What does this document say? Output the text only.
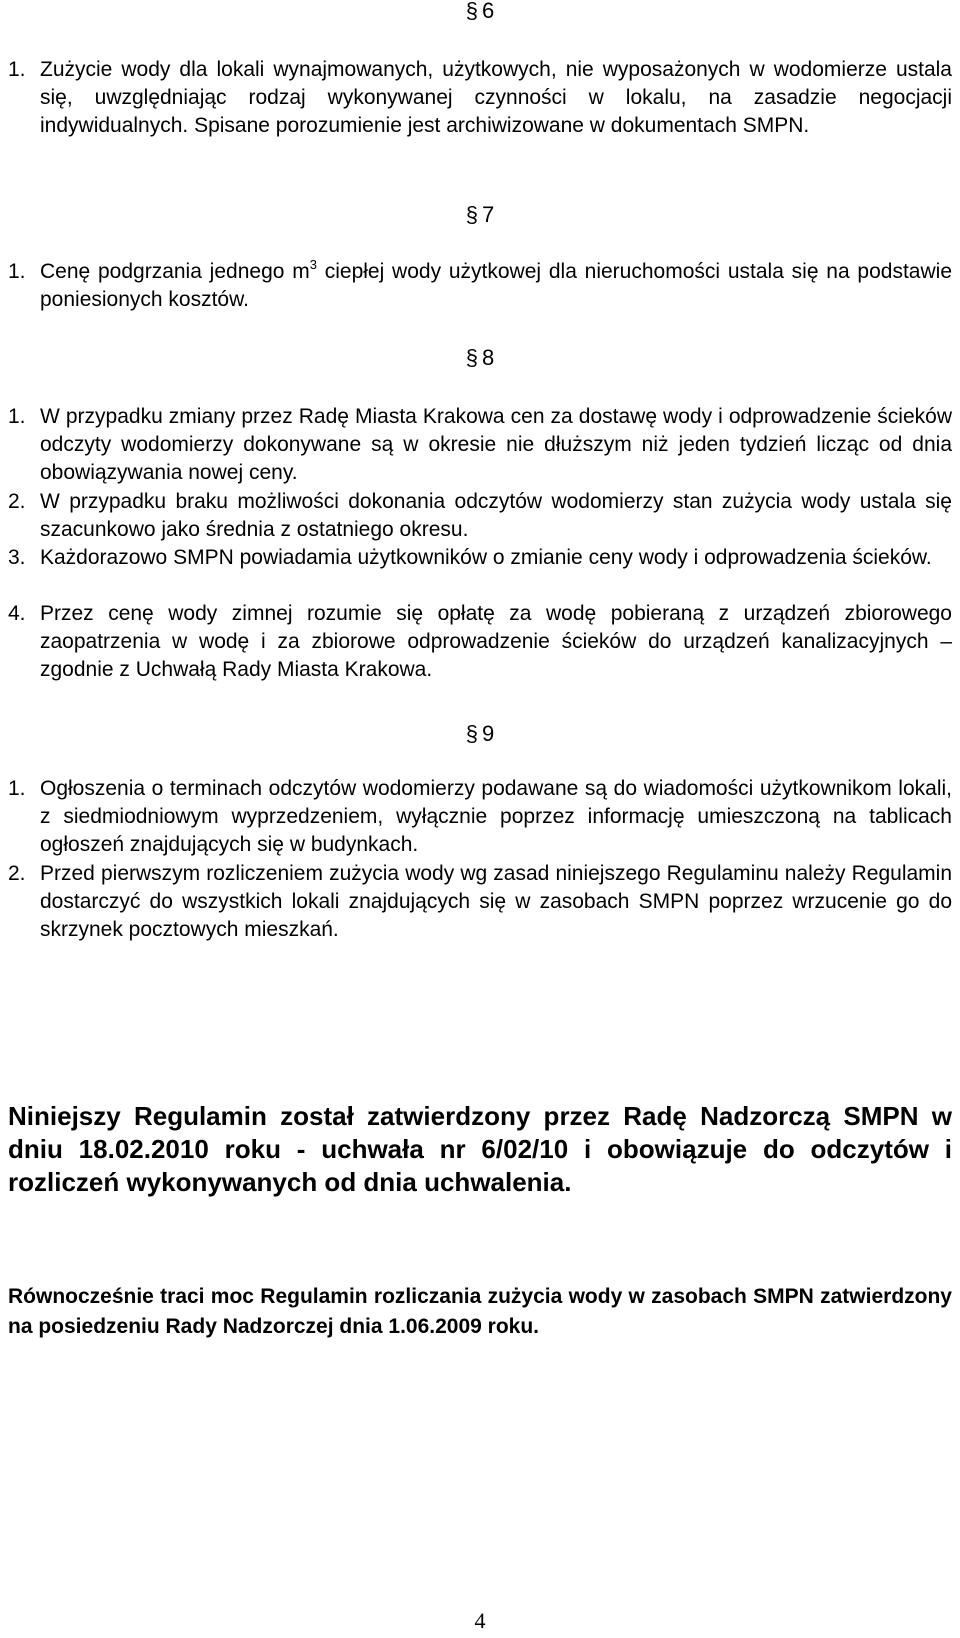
§ 6
1. Zużycie wody dla lokali wynajmowanych, użytkowych, nie wyposażonych w wodomierze ustala się, uwzględniając rodzaj wykonywanej czynności w lokalu, na zasadzie negocjacji indywidualnych. Spisane porozumienie jest archiwizowane w dokumentach SMPN.
§ 7
1. Cenę podgrzania jednego $m^3$ ciepłej wody użytkowej dla nieruchomości ustala się na podstawie poniesionych kosztów.
§ 8
1. W przypadku zmiany przez Radę Miasta Krakowa cen za dostawę wody i odprowadzenie ścieków odczyty wodomierzy dokonywane są w okresie nie dłuższym niż jeden tydzień licząc od dnia obowiązywania nowej ceny.
2. W przypadku braku możliwości dokonania odczytów wodomierzy stan zużycia wody ustala się szacunkowo jako średnia z ostatniego okresu.
3. Każdorazowo SMPN powiadamia użytkowników o zmianie ceny wody i odprowadzenia ścieków.
4. Przez cenę wody zimnej rozumie się opłatę za wodę pobieraną z urządzeń zbiorowego zaopatrzenia w wodę i za zbiorowe odprowadzenie ścieków do urządzeń kanalizacyjnych – zgodnie z Uchwałą Rady Miasta Krakowa.
§ 9
1. Ogłoszenia o terminach odczytów wodomierzy podawane są do wiadomości użytkownikom lokali, z siedmiodniowym wyprzedzeniem, wyłącznie poprzez informację umieszczoną na tablicach ogłoszeń znajdujących się w budynkach.
2. Przed pierwszym rozliczeniem zużycia wody wg zasad niniejszego Regulaminu należy Regulamin dostarczyć do wszystkich lokali znajdujących się w zasobach SMPN poprzez wrzucenie go do skrzynek pocztowych mieszkań.
Niniejszy Regulamin został zatwierdzony przez Radę Nadzorczą SMPN w dniu 18.02.2010 roku - uchwała nr 6/02/10 i obowiązuje do odczytów i rozliczeń wykonywanych od dnia uchwalenia.
Równocześnie traci moc Regulamin rozliczania zużycia wody w zasobach SMPN zatwierdzony na posiedzeniu Rady Nadzorczej dnia 1.06.2009 roku.
4
